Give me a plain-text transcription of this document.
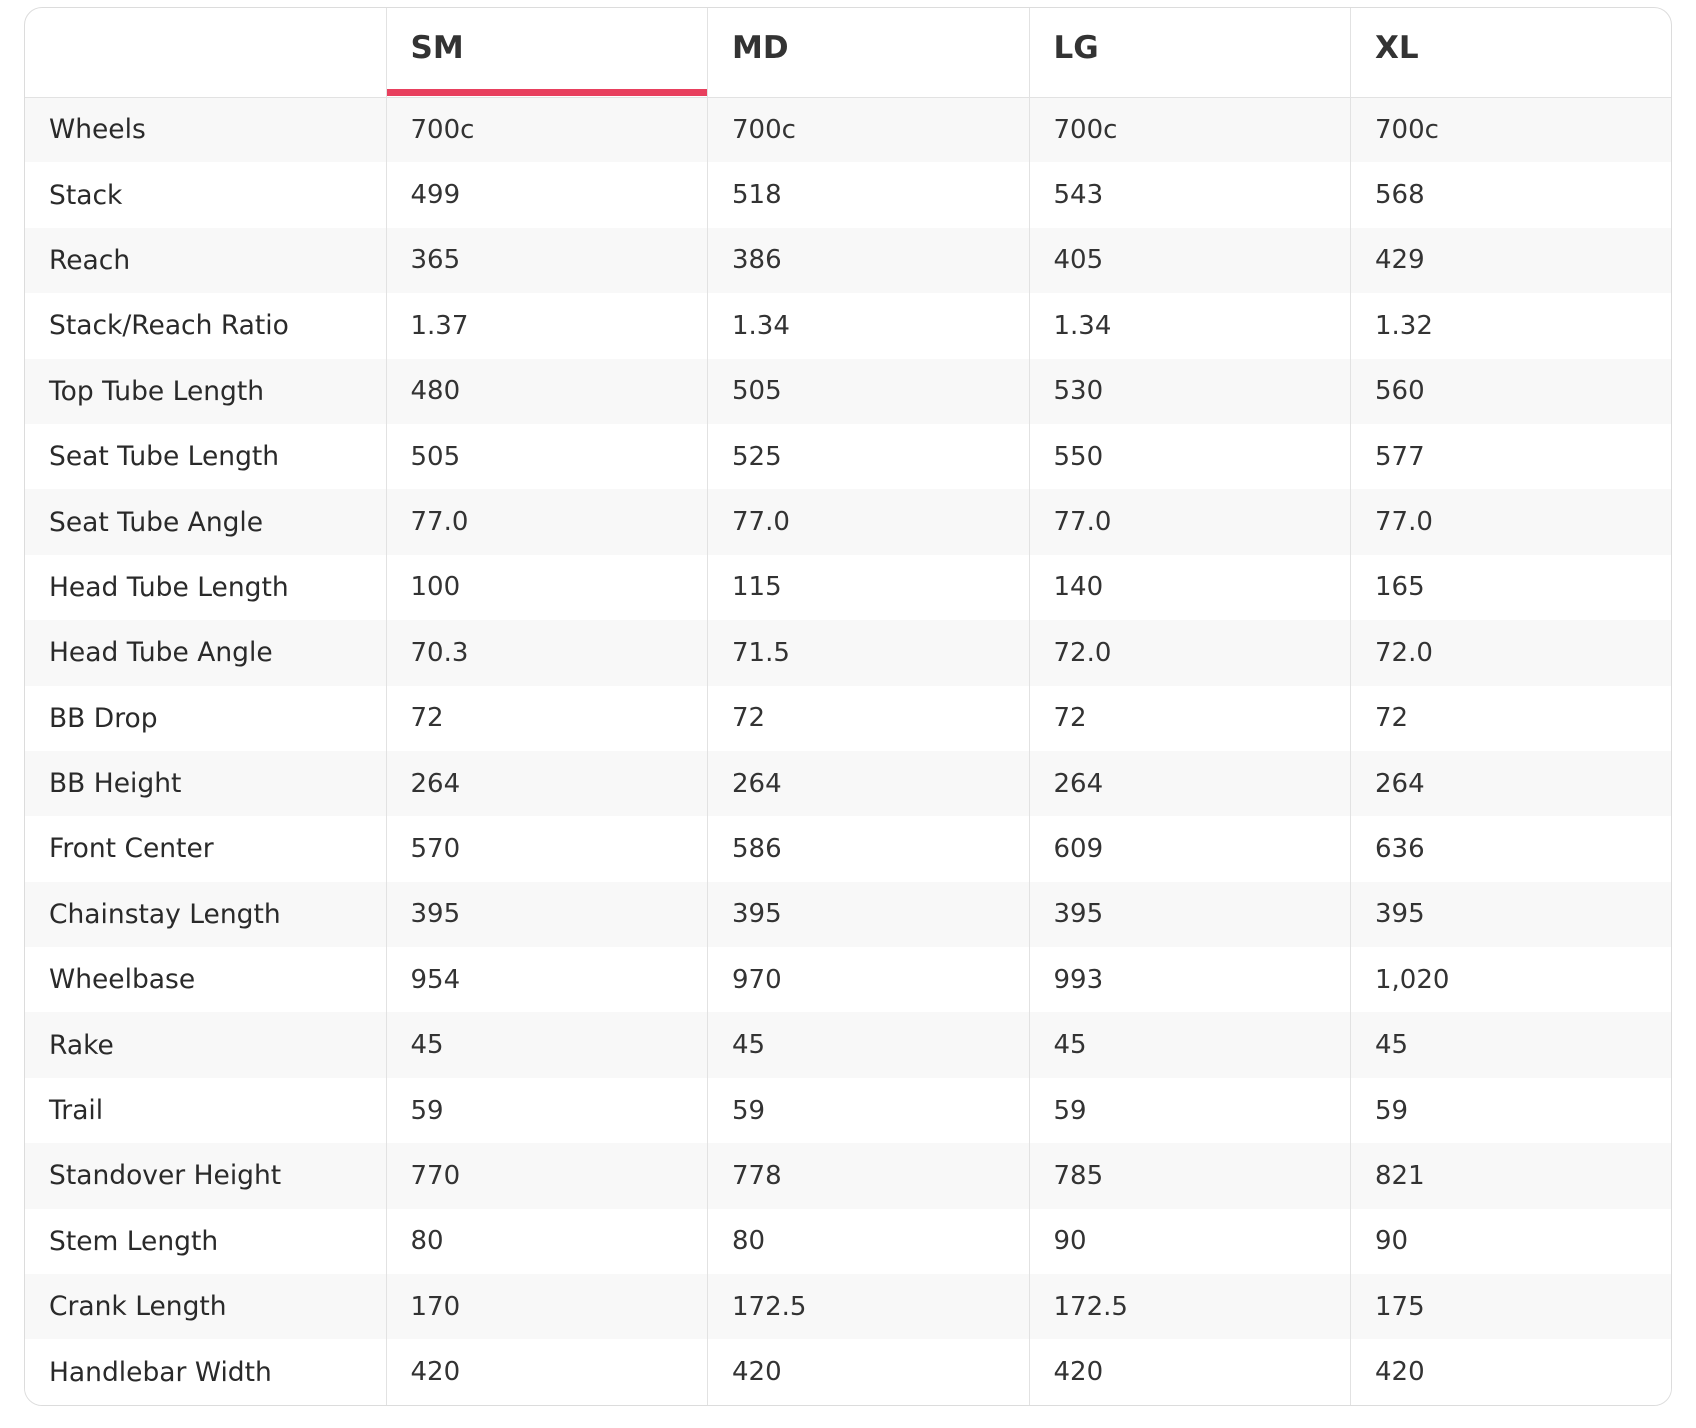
	SM	MD	LG	XL
Wheels	700c	700c	700c	700c
Stack	499	518	543	568
Reach	365	386	405	429
Stack/Reach Ratio	1.37	1.34	1.34	1.32
Top Tube Length	480	505	530	560
Seat Tube Length	505	525	550	577
Seat Tube Angle	77.0	77.0	77.0	77.0
Head Tube Length	100	115	140	165
Head Tube Angle	70.3	71.5	72.0	72.0
BB Drop	72	72	72	72
BB Height	264	264	264	264
Front Center	570	586	609	636
Chainstay Length	395	395	395	395
Wheelbase	954	970	993	1,020
Rake	45	45	45	45
Trail	59	59	59	59
Standover Height	770	778	785	821
Stem Length	80	80	90	90
Crank Length	170	172.5	172.5	175
Handlebar Width	420	420	420	420
